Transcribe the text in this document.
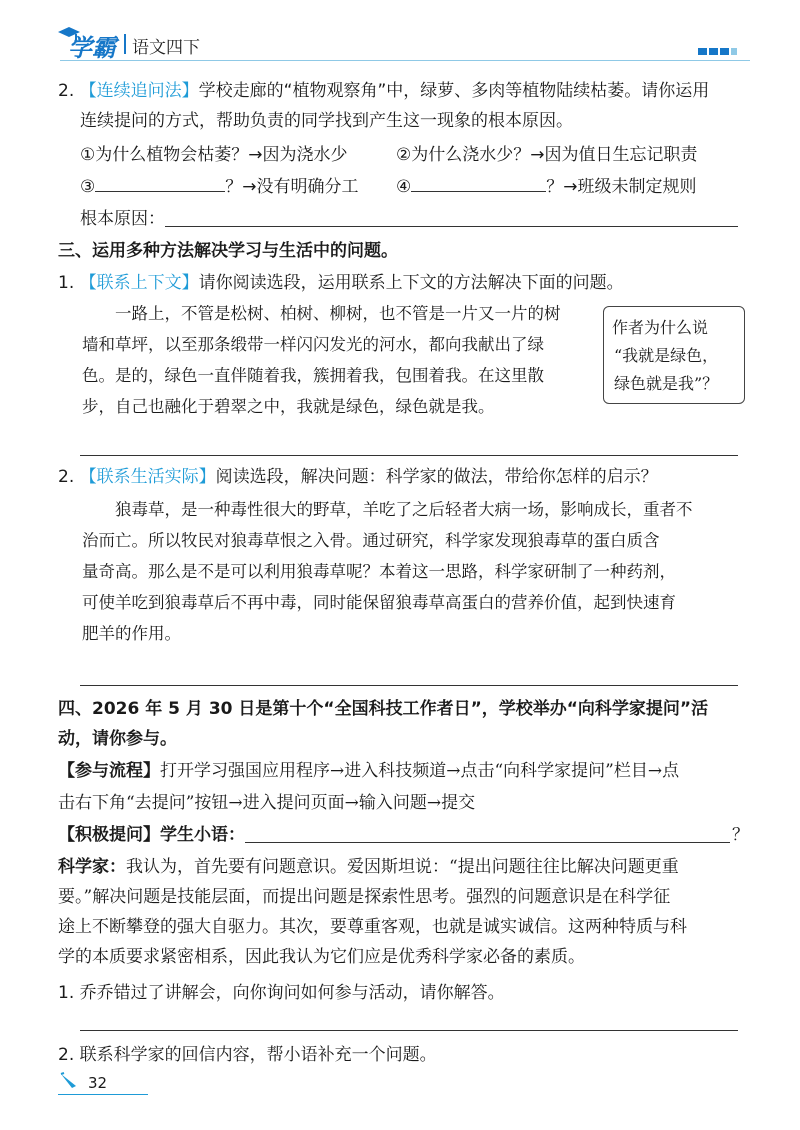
学霸 语文四下
2. 【连续追问法】学校走廊的“植物观察角”中，绿萝、多肉等植物陆续枯萎。请你运用
连续提问的方式，帮助负责的同学找到产生这一现象的根本原因。
①为什么植物会枯萎？→因为浇水少	②为什么浇水少？→因为值日生忘记职责
③	？→没有明确分工 ④	？→班级未制定规则
根本原因：
三、运用多种方法解决学习与生活中的问题。
1. 【联系上下文】请你阅读选段，运用联系上下文的方法解决下面的问题。
一路上，不管是松树、柏树、柳树，也不管是一片又一片的树
墙和草坪，以至那条缎带一样闪闪发光的河水，都向我献出了绿
色。是的，绿色一直伴随着我，簇拥着我，包围着我。在这里散
步，自己也融化于碧翠之中，我就是绿色，绿色就是我。
作者为什么说
“我就是绿色，
绿色就是我”？
2. 【联系生活实际】阅读选段，解决问题：科学家的做法，带给你怎样的启示？
狼毒草，是一种毒性很大的野草，羊吃了之后轻者大病一场，影响成长，重者不
治而亡。所以牧民对狼毒草恨之入骨。通过研究，科学家发现狼毒草的蛋白质含
量奇高。那么是不是可以利用狼毒草呢？本着这一思路，科学家研制了一种药剂，
可使羊吃到狼毒草后不再中毒，同时能保留狼毒草高蛋白的营养价值，起到快速育
肥羊的作用。
四、2026 年 5 月 30 日是第十个“全国科技工作者日”，学校举办“向科学家提问”活
动，请你参与。
【参与流程】打开学习强国应用程序→进入科技频道→点击“向科学家提问”栏目→点
击右下角“去提问”按钮→进入提问页面→输入问题→提交
【积极提问】学生小语：	？
科学家：我认为，首先要有问题意识。爱因斯坦说：“提出问题往往比解决问题更重
要。”解决问题是技能层面，而提出问题是探索性思考。强烈的问题意识是在科学征
途上不断攀登的强大自驱力。其次，要尊重客观，也就是诚实诚信。这两种特质与科
学的本质要求紧密相系，因此我认为它们应是优秀科学家必备的素质。
1. 乔乔错过了讲解会，向你询问如何参与活动，请你解答。
2. 联系科学家的回信内容，帮小语补充一个问题。
32
